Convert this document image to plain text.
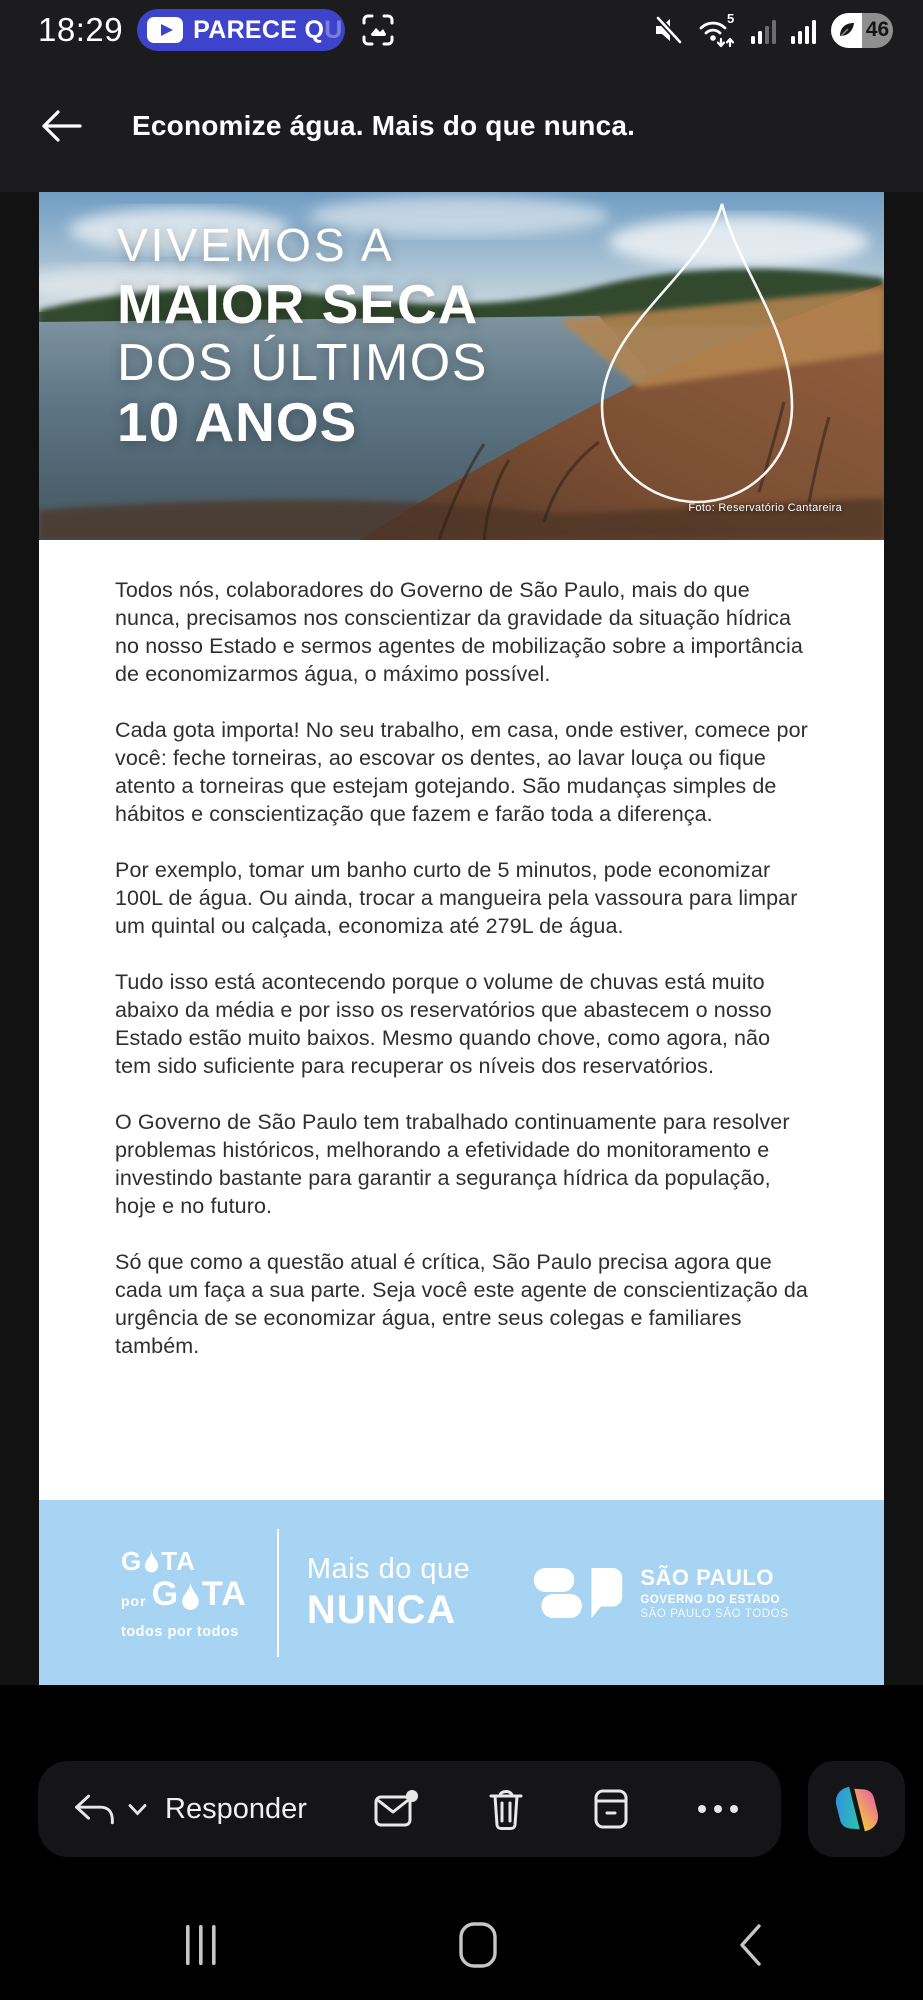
18:29	PARECE QU	5	46
Economize água. Mais do que nunca.
VIVEMOS A
MAIOR SECA
DOS ÚLTIMOS
10 ANOS
Foto: Reservatório Cantareira

Todos nós, colaboradores do Governo de São Paulo, mais do que nunca, precisamos nos conscientizar da gravidade da situação hídrica no nosso Estado e sermos agentes de mobilização sobre a importância de economizarmos água, o máximo possível.

Cada gota importa! No seu trabalho, em casa, onde estiver, comece por você: feche torneiras, ao escovar os dentes, ao lavar louça ou fique atento a torneiras que estejam gotejando. São mudanças simples de hábitos e conscientização que fazem e farão toda a diferença.

Por exemplo, tomar um banho curto de 5 minutos, pode economizar 100L de água. Ou ainda, trocar a mangueira pela vassoura para limpar um quintal ou calçada, economiza até 279L de água.

Tudo isso está acontecendo porque o volume de chuvas está muito abaixo da média e por isso os reservatórios que abastecem o nosso Estado estão muito baixos. Mesmo quando chove, como agora, não tem sido suficiente para recuperar os níveis dos reservatórios.

O Governo de São Paulo tem trabalhado continuamente para resolver problemas históricos, melhorando a efetividade do monitoramento e investindo bastante para garantir a segurança hídrica da população, hoje e no futuro.

Só que como a questão atual é crítica, São Paulo precisa agora que cada um faça a sua parte. Seja você este agente de conscientização da urgência de se economizar água, entre seus colegas e familiares também.

G TA
por G TA
todos por todos
Mais do que
NUNCA
SÃO PAULO
GOVERNO DO ESTADO
SÃO PAULO SÃO TODOS
Responder
